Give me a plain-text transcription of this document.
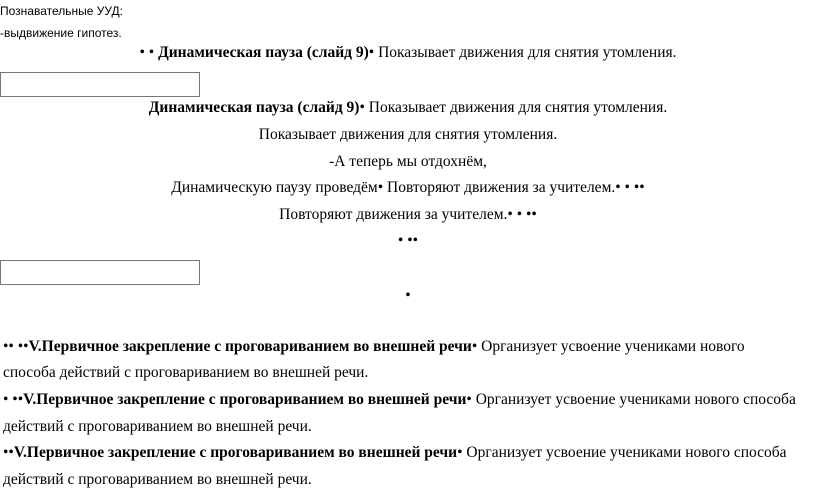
Познавательные УУД:
-выдвижение гипотез.
• • Динамическая пауза (слайд 9)• Показывает движения для снятия утомления.
Динамическая пауза (слайд 9)• Показывает движения для снятия утомления.
Показывает движения для снятия утомления.
-А теперь мы отдохнём,
Динамическую паузу проведём• Повторяют движения за учителем.• • ••
Повторяют движения за учителем.• • ••
• ••
•
•• ••V.Первичное закрепление с проговариванием во внешней речи• Организует усвоение учениками нового
способа действий с проговариванием во внешней речи.
• ••V.Первичное закрепление с проговариванием во внешней речи• Организует усвоение учениками нового способа
действий с проговариванием во внешней речи.
••V.Первичное закрепление с проговариванием во внешней речи• Организует усвоение учениками нового способа
действий с проговариванием во внешней речи.
